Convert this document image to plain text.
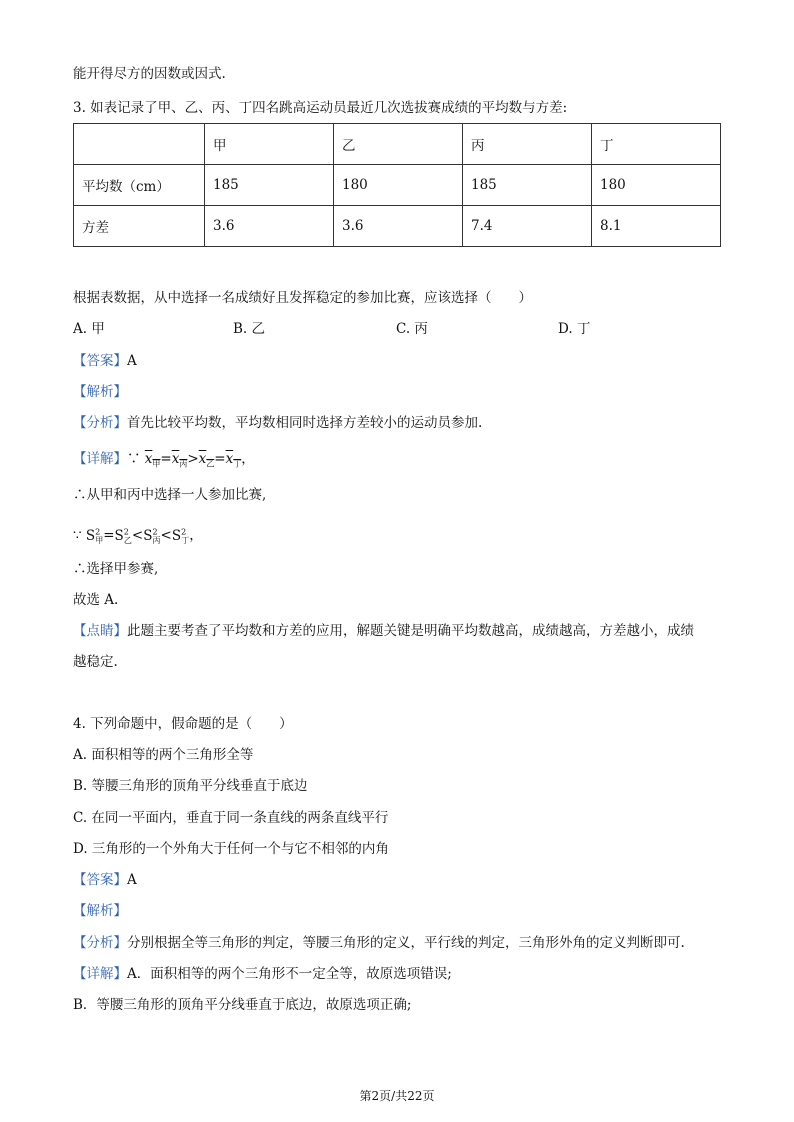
能开得尽方的因数或因式.
3. 如表记录了甲、乙、丙、丁四名跳高运动员最近几次选拔赛成绩的平均数与方差:
	甲	乙	丙	丁
平均数（cm）	185	180	185	180
方差	3.6	3.6	7.4	8.1
根据表数据，从中选择一名成绩好且发挥稳定的参加比赛，应该选择（　　）
A. 甲	B. 乙	C. 丙	D. 丁
【答案】A
【解析】
【分析】首先比较平均数，平均数相同时选择方差较小的运动员参加.
【详解】∵ $x_甲=x_丙>x_乙=x_丁$，
∴从甲和丙中选择一人参加比赛,
∵ $S^2_甲=S^2_乙<S^2_丙<S^2_丁$，
∴选择甲参赛,
故选 A.
【点睛】此题主要考查了平均数和方差的应用，解题关键是明确平均数越高，成绩越高，方差越小，成绩
越稳定.
4. 下列命题中，假命题的是（　　）
A. 面积相等的两个三角形全等
B. 等腰三角形的顶角平分线垂直于底边
C. 在同一平面内，垂直于同一条直线的两条直线平行
D. 三角形的一个外角大于任何一个与它不相邻的内角
【答案】A
【解析】
【分析】分别根据全等三角形的判定，等腰三角形的定义，平行线的判定，三角形外角的定义判断即可.
【详解】A．面积相等的两个三角形不一定全等，故原选项错误;
B．等腰三角形的顶角平分线垂直于底边，故原选项正确;
第2页/共22页
